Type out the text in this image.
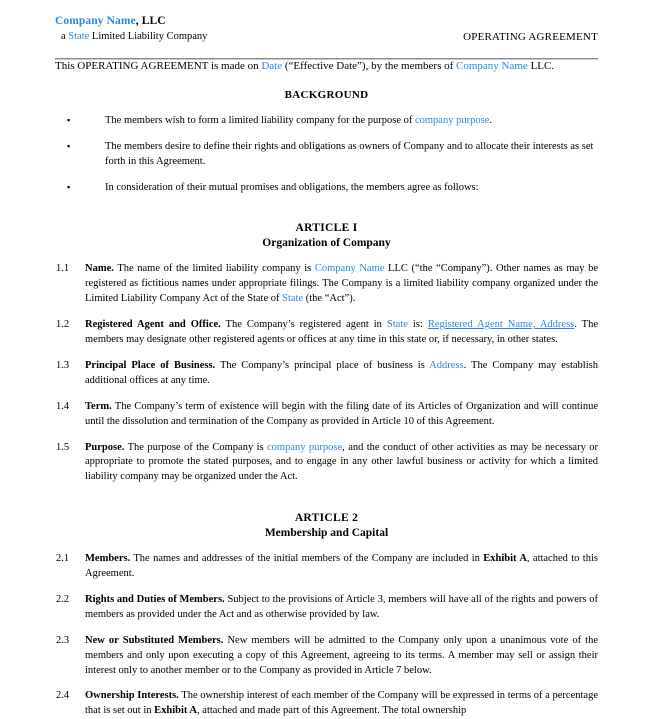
Company Name, LLC
a State Limited Liability Company	OPERATING AGREEMENT
This OPERATING AGREEMENT is made on Date (“Effective Date”), by the members of Company Name LLC.
BACKGROUND
▪	The members wish to form a limited liability company for the purpose of company purpose.
▪	The members desire to define their rights and obligations as owners of Company and to allocate their interests as set forth in this Agreement.
▪	In consideration of their mutual promises and obligations, the members agree as follows:
ARTICLE I
Organization of Company
1.1 Name. The name of the limited liability company is Company Name LLC (“the “Company”). Other names as may be registered as fictitious names under appropriate filings. The Company is a limited liability company organized under the Limited Liability Company Act of the State of State (the “Act”).
1.2 Registered Agent and Office. The Company’s registered agent in State is: Registered Agent Name, Address. The members may designate other registered agents or offices at any time in this state or, if necessary, in other states.
1.3 Principal Place of Business. The Company’s principal place of business is Address. The Company may establish additional offices at any time.
1.4 Term. The Company’s term of existence will begin with the filing date of its Articles of Organization and will continue until the dissolution and termination of the Company as provided in Article 10 of this Agreement.
1.5 Purpose. The purpose of the Company is company purpose, and the conduct of other activities as may be necessary or appropriate to promote the stated purposes, and to engage in any other lawful business or activity for which a limited liability company may be organized under the Act.
ARTICLE 2
Membership and Capital
2.1 Members. The names and addresses of the initial members of the Company are included in Exhibit A, attached to this Agreement.
2.2 Rights and Duties of Members. Subject to the provisions of Article 3, members will have all of the rights and powers of members as provided under the Act and as otherwise provided by law.
2.3 New or Substituted Members. New members will be admitted to the Company only upon a unanimous vote of the members and only upon executing a copy of this Agreement, agreeing to its terms. A member may sell or assign their interest only to another member or to the Company as provided in Article 7 below.
2.4 Ownership Interests. The ownership interest of each member of the Company will be expressed in terms of a percentage that is set out in Exhibit A, attached and made part of this Agreement. The total ownership
